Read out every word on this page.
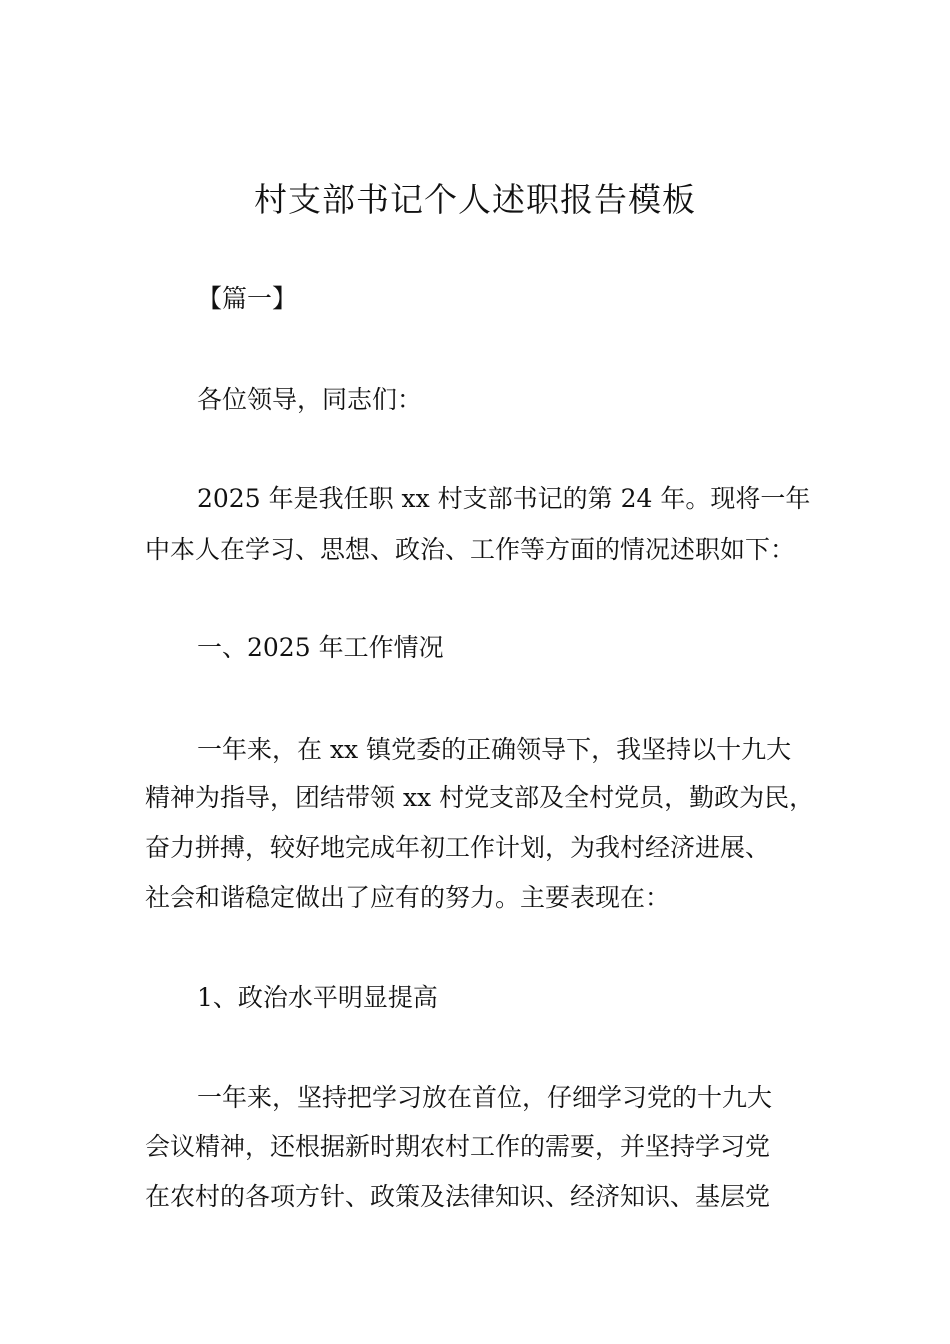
村支部书记个人述职报告模板
【篇一】
各位领导，同志们：
2025 年是我任职 xx 村支部书记的第 24 年。现将一年
中本人在学习、思想、政治、工作等方面的情况述职如下：
一、2025 年工作情况
一年来，在 xx 镇党委的正确领导下，我坚持以十九大
精神为指导，团结带领 xx 村党支部及全村党员，勤政为民，
奋力拼搏，较好地完成年初工作计划，为我村经济进展、
社会和谐稳定做出了应有的努力。主要表现在：
1、政治水平明显提高
一年来，坚持把学习放在首位，仔细学习党的十九大
会议精神，还根据新时期农村工作的需要，并坚持学习党
在农村的各项方针、政策及法律知识、经济知识、基层党
